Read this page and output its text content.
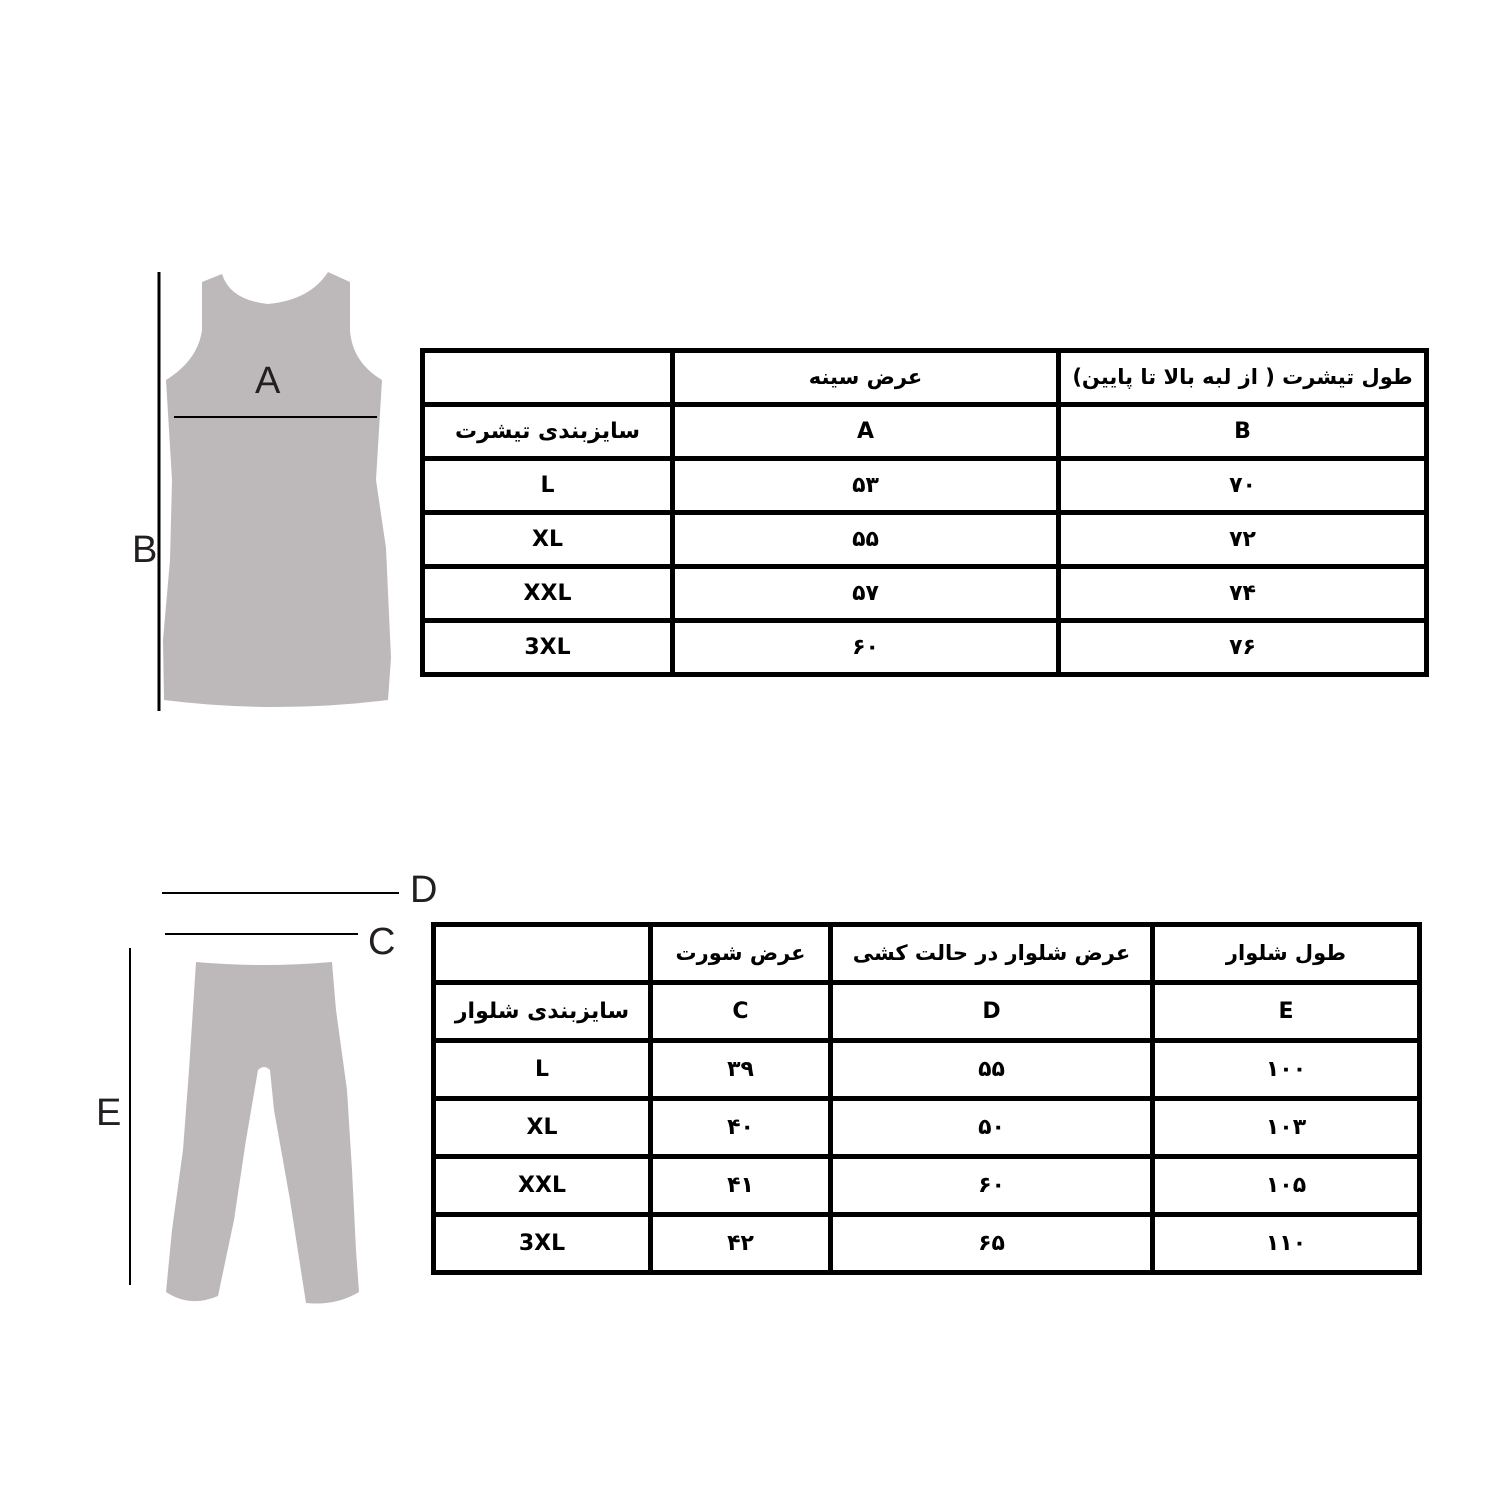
A
B
	عرض سینه	طول تیشرت ( از لبه بالا تا پایین)
سایزبندی تیشرت	A	B
L	۵۳	۷۰
XL	۵۵	۷۲
XXL	۵۷	۷۴
3XL	۶۰	۷۶
D
C
E
	عرض شورت	عرض شلوار در حالت کشی	طول شلوار
سایزبندی شلوار	C	D	E
L	۳۹	۵۵	۱۰۰
XL	۴۰	۵۰	۱۰۳
XXL	۴۱	۶۰	۱۰۵
3XL	۴۲	۶۵	۱۱۰
